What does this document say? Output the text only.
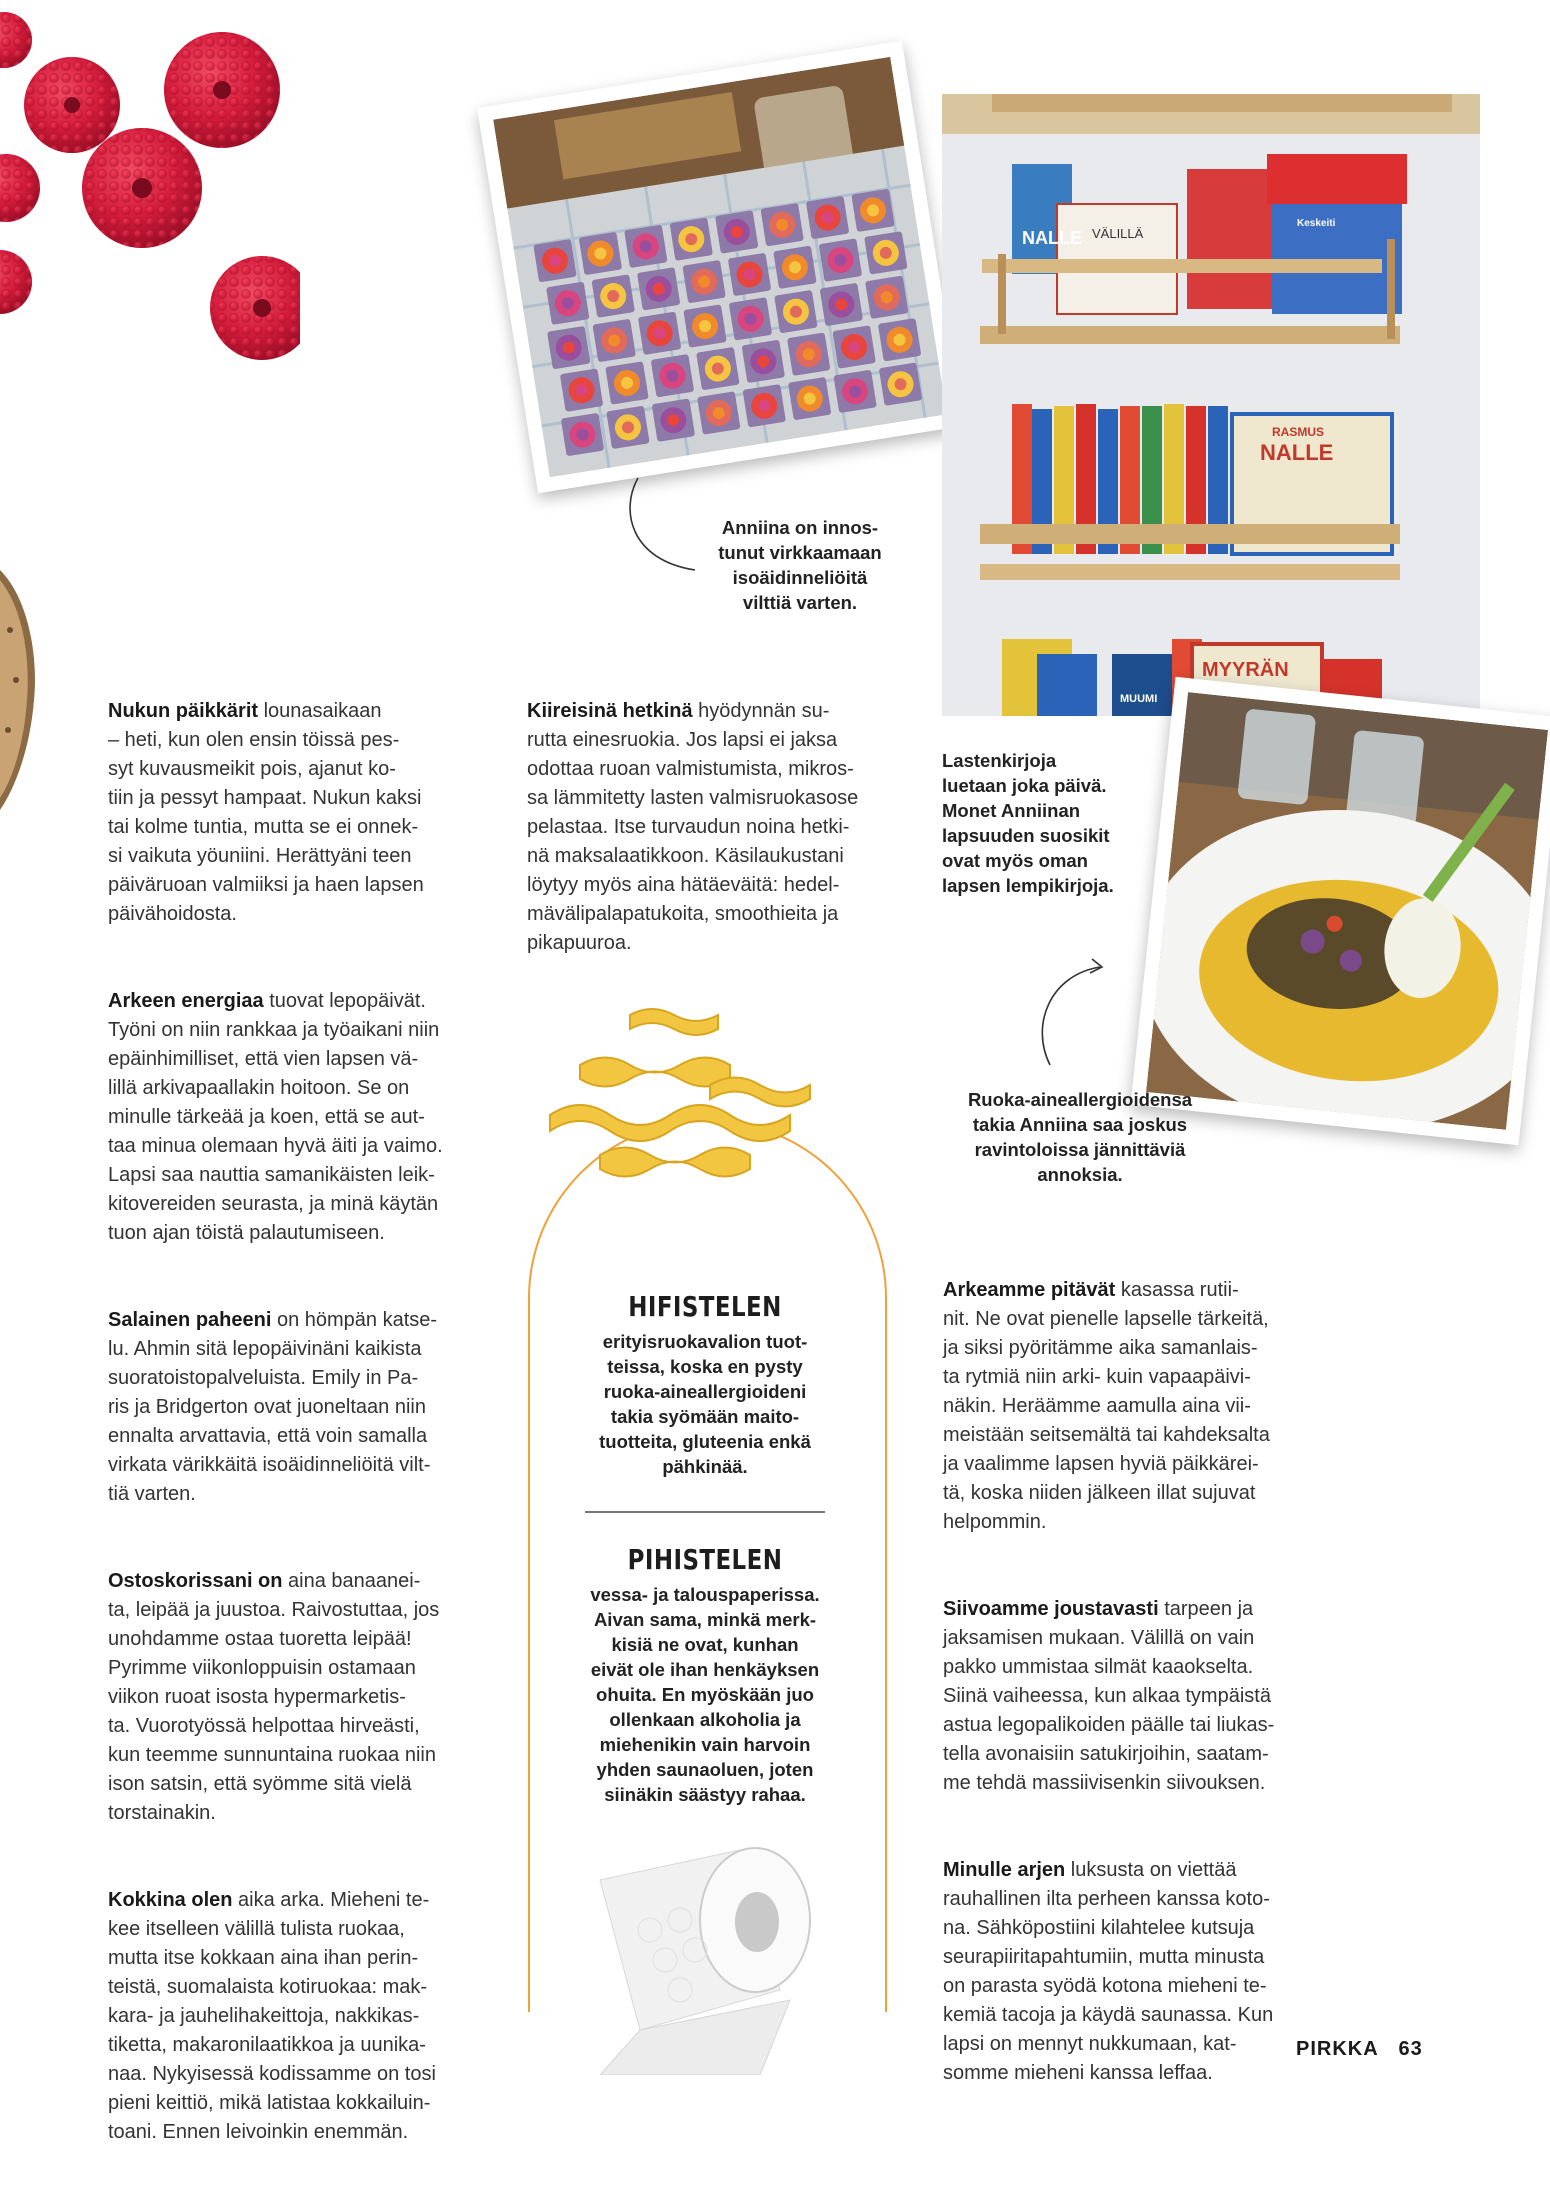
Anniina on innos-
tunut virkkaamaan
isoäidinneliöitä
vilttiä varten.
VÄLILLÄ
Keskeiti
NALLE
RASMUS
NALLE
MYYRÄN
MUUMI
Lastenkirjoja
luetaan joka päivä.
Monet Anniinan
lapsuuden suosikit
ovat myös oman
lapsen lempikirjoja.
Ruoka-aineallergioidensa
takia Anniina saa joskus
ravintoloissa jännittäviä
annoksia.

Nukun päikkärit lounasaikaan
– heti, kun olen ensin töissä pes-
syt kuvausmeikit pois, ajanut ko-
tiin ja pessyt hampaat. Nukun kaksi
tai kolme tuntia, mutta se ei onnek-
si vaikuta yöuniini. Herättyäni teen
päiväruoan valmiiksi ja haen lapsen
päivähoidosta.

Arkeen energiaa tuovat lepopäivät.
Työni on niin rankkaa ja työaikani niin
epäinhimilliset, että vien lapsen vä-
lillä arkivapaallakin hoitoon. Se on
minulle tärkeää ja koen, että se aut-
taa minua olemaan hyvä äiti ja vaimo.
Lapsi saa nauttia samanikäisten leik-
kitovereiden seurasta, ja minä käytän
tuon ajan töistä palautumiseen.

Salainen paheeni on hömpän katse-
lu. Ahmin sitä lepopäivinäni kaikista
suoratoistopalveluista. Emily in Pa-
ris ja Bridgerton ovat juoneltaan niin
ennalta arvattavia, että voin samalla
virkata värikkäitä isoäidinneliöitä vilt-
tiä varten.

Ostoskorissani on aina banaanei-
ta, leipää ja juustoa. Raivostuttaa, jos
unohdamme ostaa tuoretta leipää!
Pyrimme viikonloppuisin ostamaan
viikon ruoat isosta hypermarketis-
ta. Vuorotyössä helpottaa hirveästi,
kun teemme sunnuntaina ruokaa niin
ison satsin, että syömme sitä vielä
torstainakin.

Kokkina olen aika arka. Mieheni te-
kee itselleen välillä tulista ruokaa,
mutta itse kokkaan aina ihan perin-
teistä, suomalaista kotiruokaa: mak-
kara- ja jauhelihakeittoja, nakkikas-
tiketta, makaronilaatikkoa ja uunika-
naa. Nykyisessä kodissamme on tosi
pieni keittiö, mikä latistaa kokkailuin-
toani. Ennen leivoinkin enemmän.

Kiireisinä hetkinä hyödynnän su-
rutta einesruokia. Jos lapsi ei jaksa
odottaa ruoan valmistumista, mikros-
sa lämmitetty lasten valmisruokasose
pelastaa. Itse turvaudun noina hetki-
nä maksalaatikkoon. Käsilaukustani
löytyy myös aina hätäeväitä: hedel-
mävälipalapatukoita, smoothieita ja
pikapuuroa.

HIFISTELEN
erityisruokavalion tuot-
teissa, koska en pysty
ruoka-aineallergioideni
takia syömään maito-
tuotteita, gluteenia enkä
pähkinää.
PIHISTELEN
vessa- ja talouspaperissa.
Aivan sama, minkä merk-
kisiä ne ovat, kunhan
eivät ole ihan henkäyksen
ohuita. En myöskään juo
ollenkaan alkoholia ja
miehenikin vain harvoin
yhden saunaoluen, joten
siinäkin säästyy rahaa.

Arkeamme pitävät kasassa rutii-
nit. Ne ovat pienelle lapselle tärkeitä,
ja siksi pyöritämme aika samanlais-
ta rytmiä niin arki- kuin vapaapäivi-
näkin. Heräämme aamulla aina vii-
meistään seitsemältä tai kahdeksalta
ja vaalimme lapsen hyviä päikkärei-
tä, koska niiden jälkeen illat sujuvat
helpommin.

Siivoamme joustavasti tarpeen ja
jaksamisen mukaan. Välillä on vain
pakko ummistaa silmät kaaokselta.
Siinä vaiheessa, kun alkaa tympäistä
astua legopalikoiden päälle tai liukas-
tella avonaisiin satukirjoihin, saatam-
me tehdä massiivisenkin siivouksen.

Minulle arjen luksusta on viettää
rauhallinen ilta perheen kanssa koto-
na. Sähköpostiini kilahtelee kutsuja
seurapiiritapahtumiin, mutta minusta
on parasta syödä kotona mieheni te-
kemiä tacoja ja käydä saunassa. Kun
lapsi on mennyt nukkumaan, kat-
somme mieheni kanssa leffaa.

PIRKKA 63
